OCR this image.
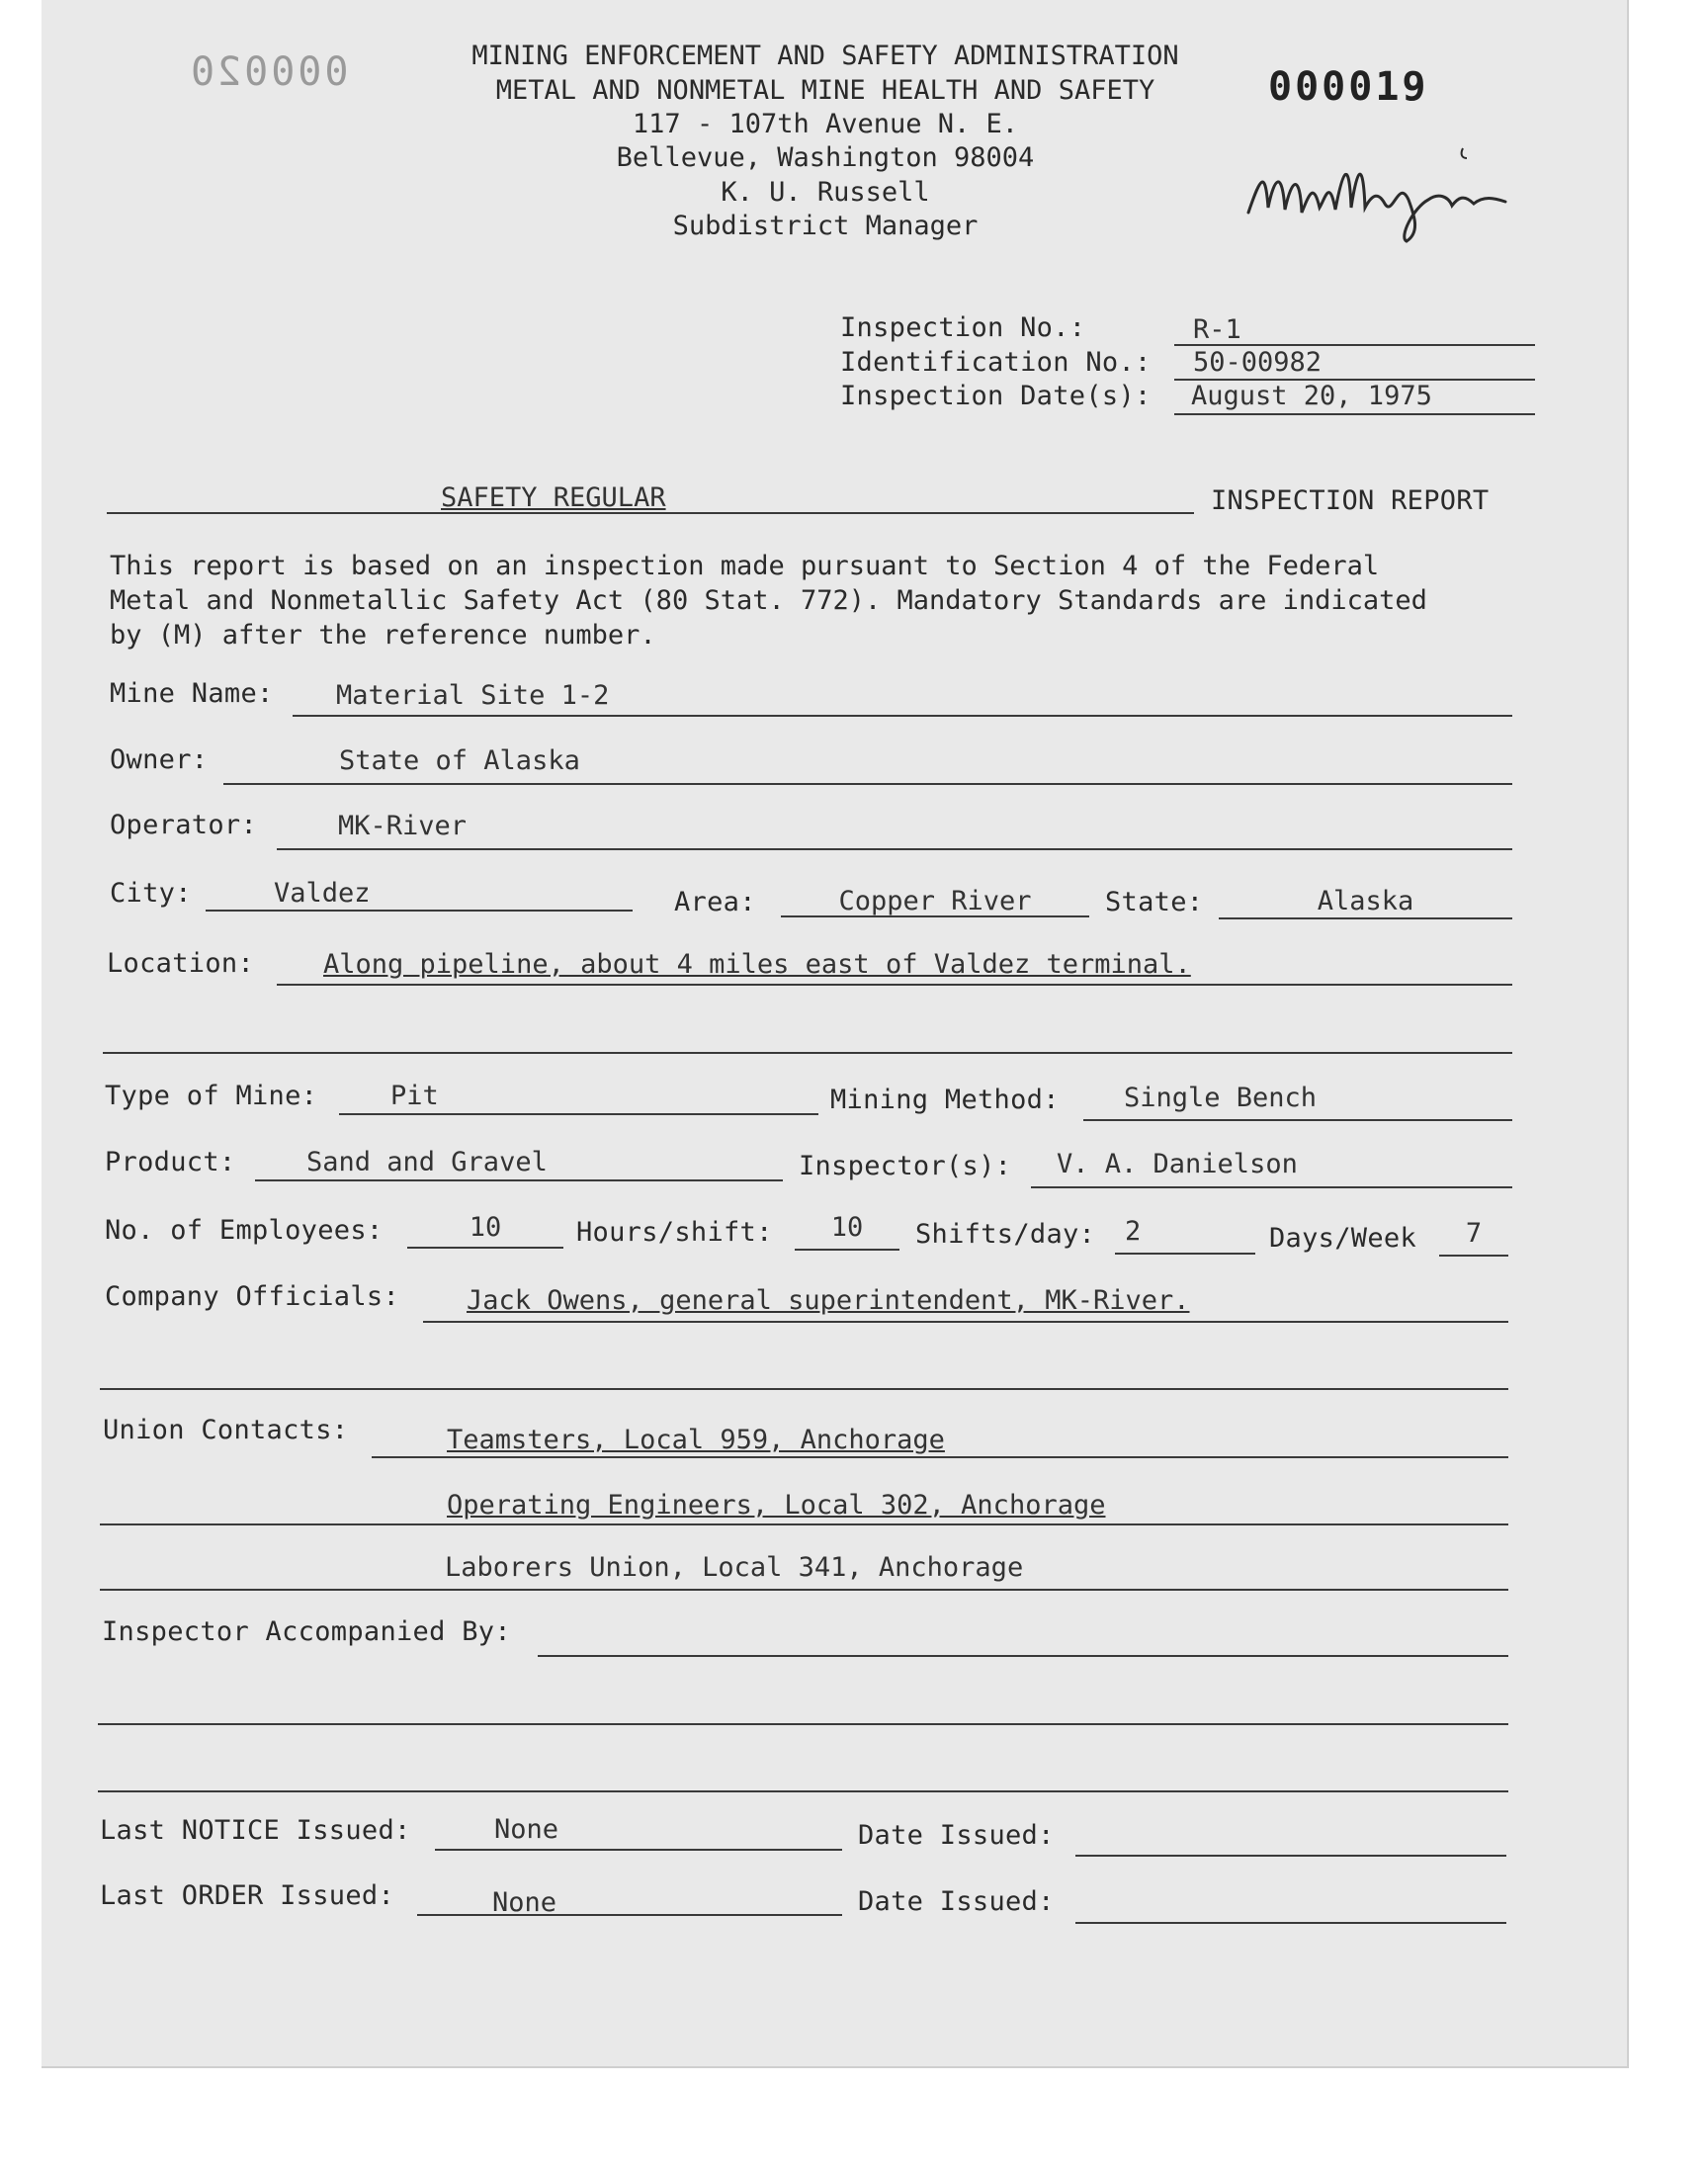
000020	000019
MINING ENFORCEMENT AND SAFETY ADMINISTRATION
METAL AND NONMETAL MINE HEALTH AND SAFETY
117 - 107th Avenue N. E.
Bellevue, Washington 98004
K. U. Russell
Subdistrict Manager
Inspection No.:	R-1
Identification No.: 50-00982
Inspection Date(s): August 20, 1975
SAFETY REGULAR	INSPECTION REPORT
This report is based on an inspection made pursuant to Section 4 of the Federal
Metal and Nonmetallic Safety Act (80 Stat. 772). Mandatory Standards are indicated
by (M) after the reference number.
Mine Name: Material Site 1-2
Owner:	State of Alaska
Operator:	MK-River
City:	Valdez	Area:	Copper River	State:	Alaska
Location:	Along pipeline, about 4 miles east of Valdez terminal.
Type of Mine:	Pit	Mining Method: Single Bench
Product:	Sand and Gravel	Inspector(s): V. A. Danielson
No. of Employees:	10	Hours/shift:	10	Shifts/day: 2	Days/Week	7
Company Officials:	Jack Owens, general superintendent, MK-River.
Union Contacts:	Teamsters, Local 959, Anchorage
Operating Engineers, Local 302, Anchorage
Laborers Union, Local 341, Anchorage
Inspector Accompanied By:
Last NOTICE Issued:	None	Date Issued:
Last ORDER Issued:	None	Date Issued:
